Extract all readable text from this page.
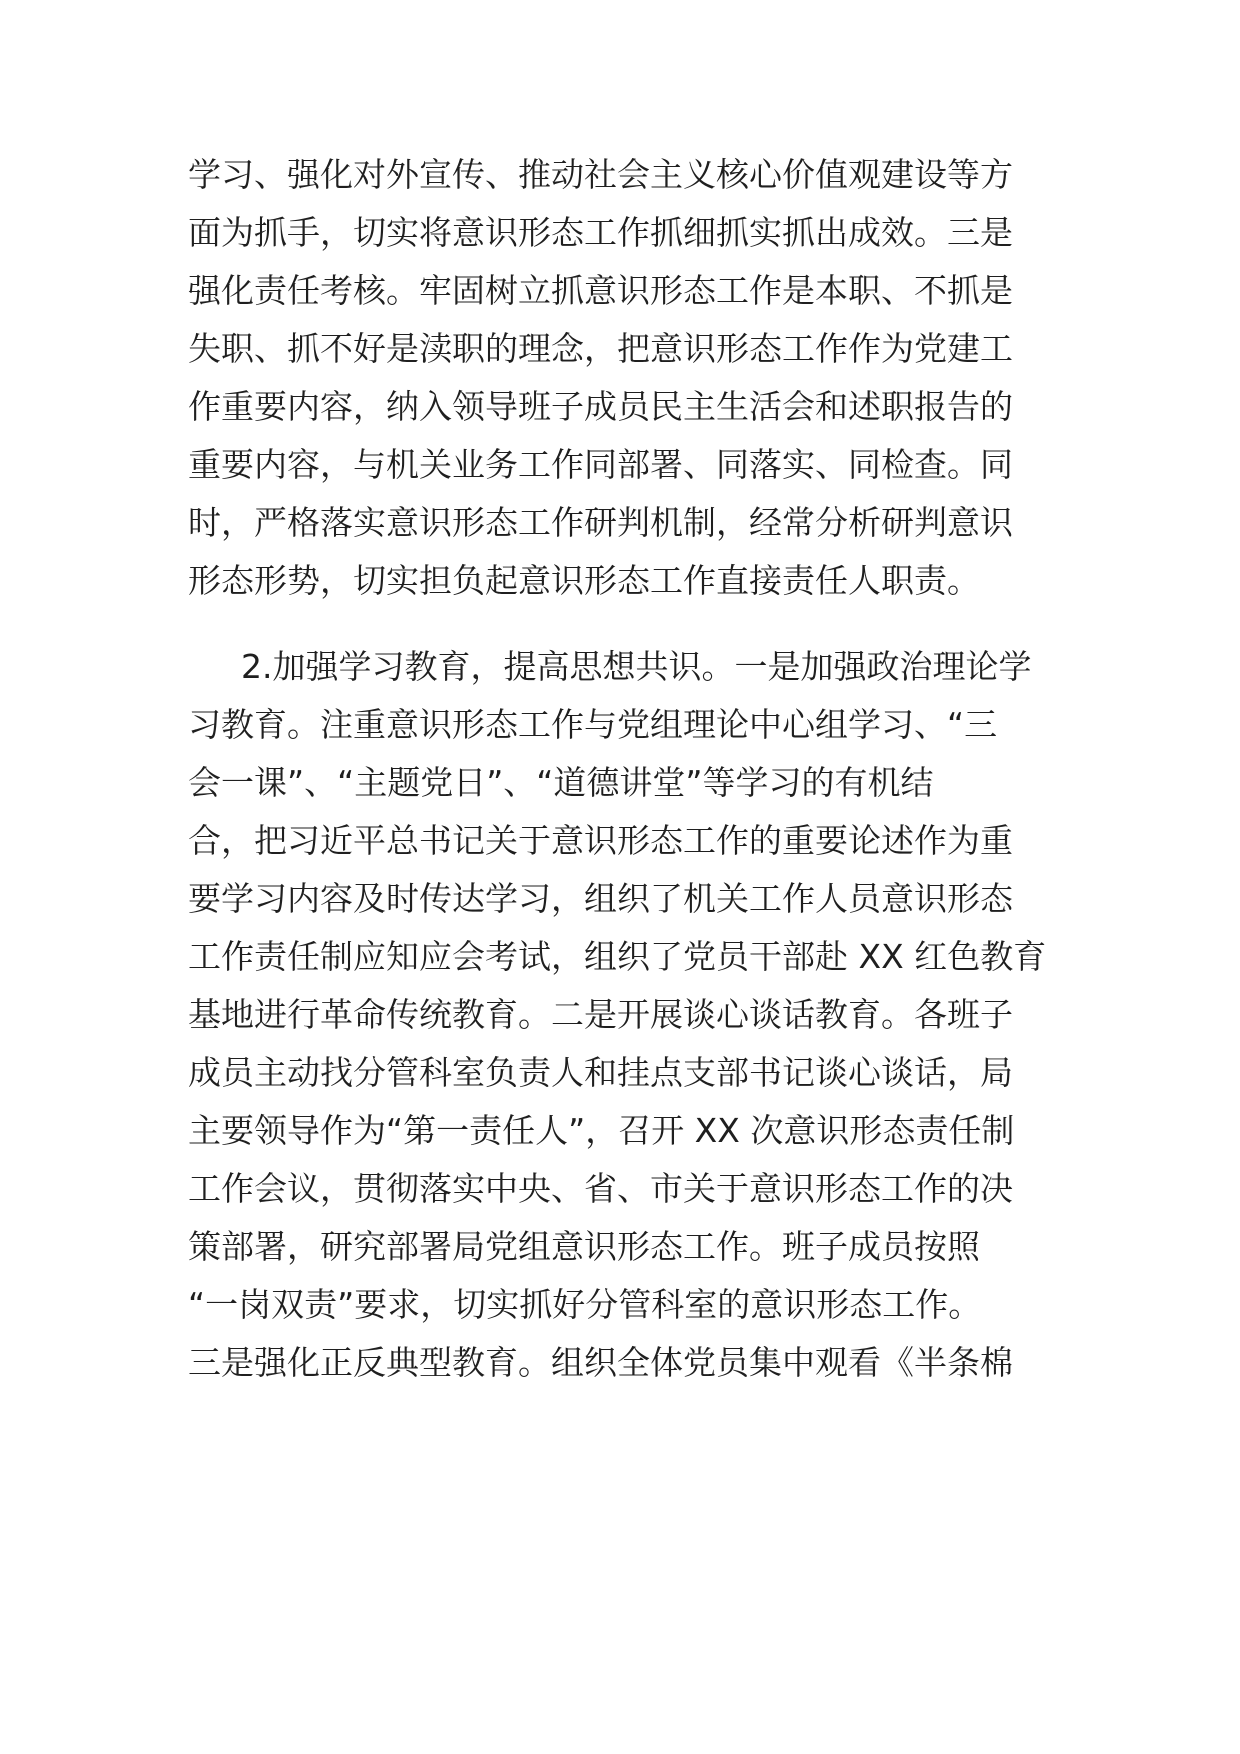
学习、强化对外宣传、推动社会主义核心价值观建设等方
面为抓手，切实将意识形态工作抓细抓实抓出成效。三是
强化责任考核。牢固树立抓意识形态工作是本职、不抓是
失职、抓不好是渎职的理念，把意识形态工作作为党建工
作重要内容，纳入领导班子成员民主生活会和述职报告的
重要内容，与机关业务工作同部署、同落实、同检查。同
时，严格落实意识形态工作研判机制，经常分析研判意识
形态形势，切实担负起意识形态工作直接责任人职责。
2.加强学习教育，提高思想共识。一是加强政治理论学
习教育。注重意识形态工作与党组理论中心组学习、“三
会一课”、“主题党日”、“道德讲堂”等学习的有机结
合，把习近平总书记关于意识形态工作的重要论述作为重
要学习内容及时传达学习，组织了机关工作人员意识形态
工作责任制应知应会考试，组织了党员干部赴 XX 红色教育
基地进行革命传统教育。二是开展谈心谈话教育。各班子
成员主动找分管科室负责人和挂点支部书记谈心谈话，局
主要领导作为“第一责任人”，召开 XX 次意识形态责任制
工作会议，贯彻落实中央、省、市关于意识形态工作的决
策部署，研究部署局党组意识形态工作。班子成员按照
“一岗双责”要求，切实抓好分管科室的意识形态工作。
三是强化正反典型教育。组织全体党员集中观看《半条棉
